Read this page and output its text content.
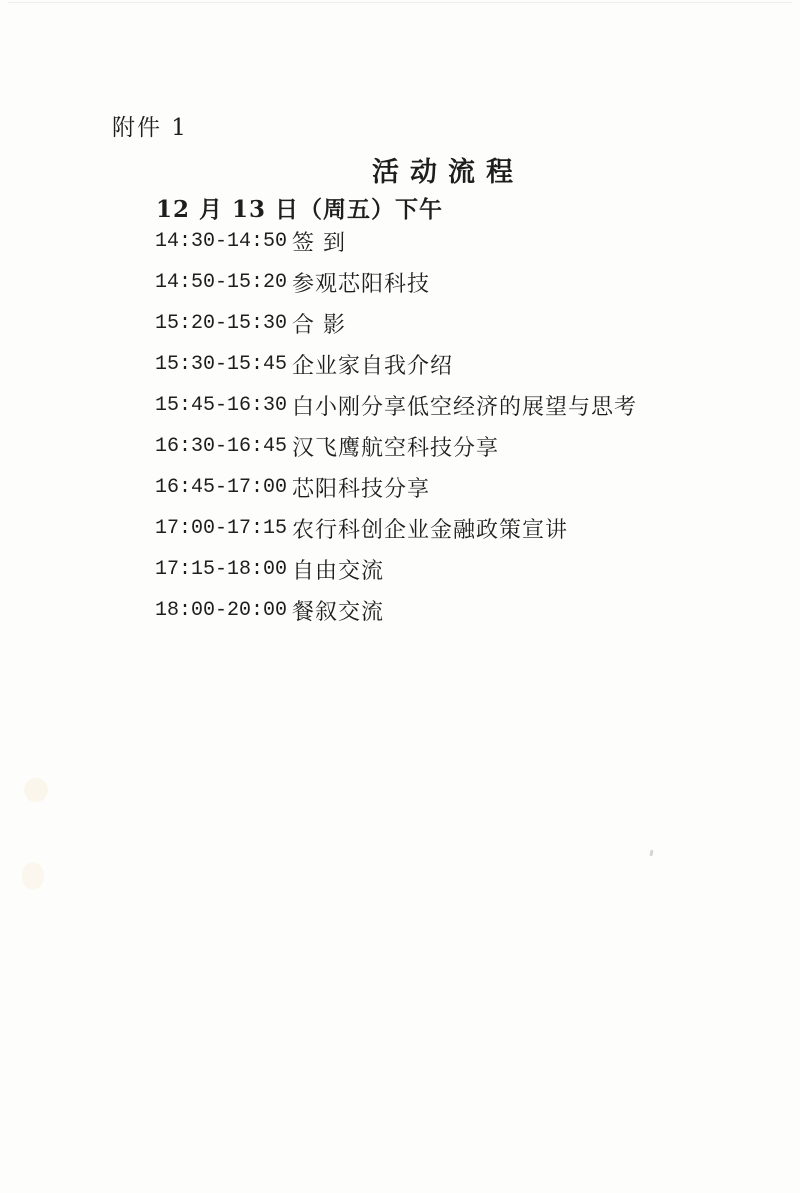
附件 1
活动流程
12 月 13 日（周五）下午
14:30-14:50 签 到
14:50-15:20 参观芯阳科技
15:20-15:30 合 影
15:30-15:45 企业家自我介绍
15:45-16:30 白小刚分享低空经济的展望与思考
16:30-16:45 汉飞鹰航空科技分享
16:45-17:00 芯阳科技分享
17:00-17:15 农行科创企业金融政策宣讲
17:15-18:00 自由交流
18:00-20:00 餐叙交流
